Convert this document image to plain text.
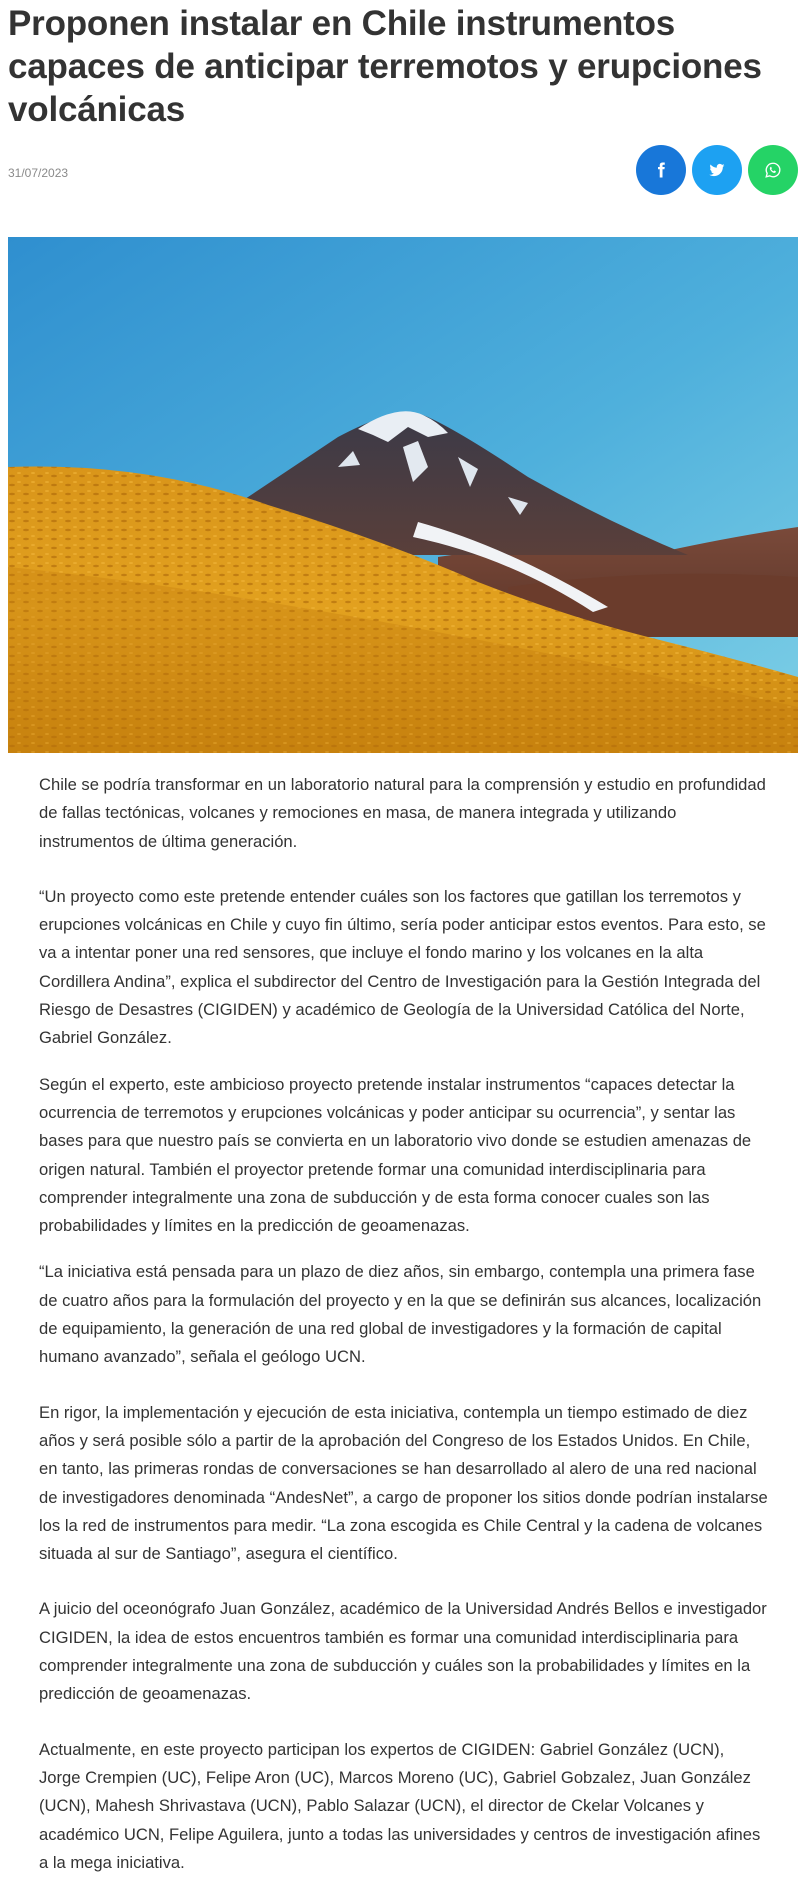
Proponen instalar en Chile instrumentos capaces de anticipar terremotos y erupciones volcánicas
31/07/2023

Chile se podría transformar en un laboratorio natural para la comprensión y estudio en profundidad de fallas tectónicas, volcanes y remociones en masa, de manera integrada y utilizando instrumentos de última generación.

“Un proyecto como este pretende entender cuáles son los factores que gatillan los terremotos y erupciones volcánicas en Chile y cuyo fin último, sería poder anticipar estos eventos. Para esto, se va a intentar poner una red sensores, que incluye el fondo marino y los volcanes en la alta Cordillera Andina”, explica el subdirector del Centro de Investigación para la Gestión Integrada del Riesgo de Desastres (CIGIDEN) y académico de Geología de la Universidad Católica del Norte, Gabriel González.

Según el experto, este ambicioso proyecto pretende instalar instrumentos “capaces detectar la ocurrencia de terremotos y erupciones volcánicas y poder anticipar su ocurrencia”, y sentar las bases para que nuestro país se convierta en un laboratorio vivo donde se estudien amenazas de origen natural. También el proyector pretende formar una comunidad interdisciplinaria para comprender integralmente una zona de subducción y de esta forma conocer cuales son las probabilidades y límites en la predicción de geoamenazas.

“La iniciativa está pensada para un plazo de diez años, sin embargo, contempla una primera fase de cuatro años para la formulación del proyecto y en la que se definirán sus alcances, localización de equipamiento, la generación de una red global de investigadores y la formación de capital humano avanzado”, señala el geólogo UCN.

En rigor, la implementación y ejecución de esta iniciativa, contempla un tiempo estimado de diez años y será posible sólo a partir de la aprobación del Congreso de los Estados Unidos. En Chile, en tanto, las primeras rondas de conversaciones se han desarrollado al alero de una red nacional de investigadores denominada “AndesNet”, a cargo de proponer los sitios donde podrían instalarse los la red de instrumentos para medir. “La zona escogida es Chile Central y la cadena de volcanes situada al sur de Santiago”, asegura el científico.

A juicio del oceonógrafo Juan González, académico de la Universidad Andrés Bellos e investigador CIGIDEN, la idea de estos encuentros también es formar una comunidad interdisciplinaria para comprender integralmente una zona de subducción y cuáles son la probabilidades y límites en la predicción de geoamenazas.

Actualmente, en este proyecto participan los expertos de CIGIDEN: Gabriel González (UCN), Jorge Crempien (UC), Felipe Aron (UC), Marcos Moreno (UC), Gabriel Gobzalez, Juan González (UCN), Mahesh Shrivastava (UCN), Pablo Salazar (UCN), el director de Ckelar Volcanes y académico UCN, Felipe Aguilera, junto a todas las universidades y centros de investigación afines a la mega iniciativa.
